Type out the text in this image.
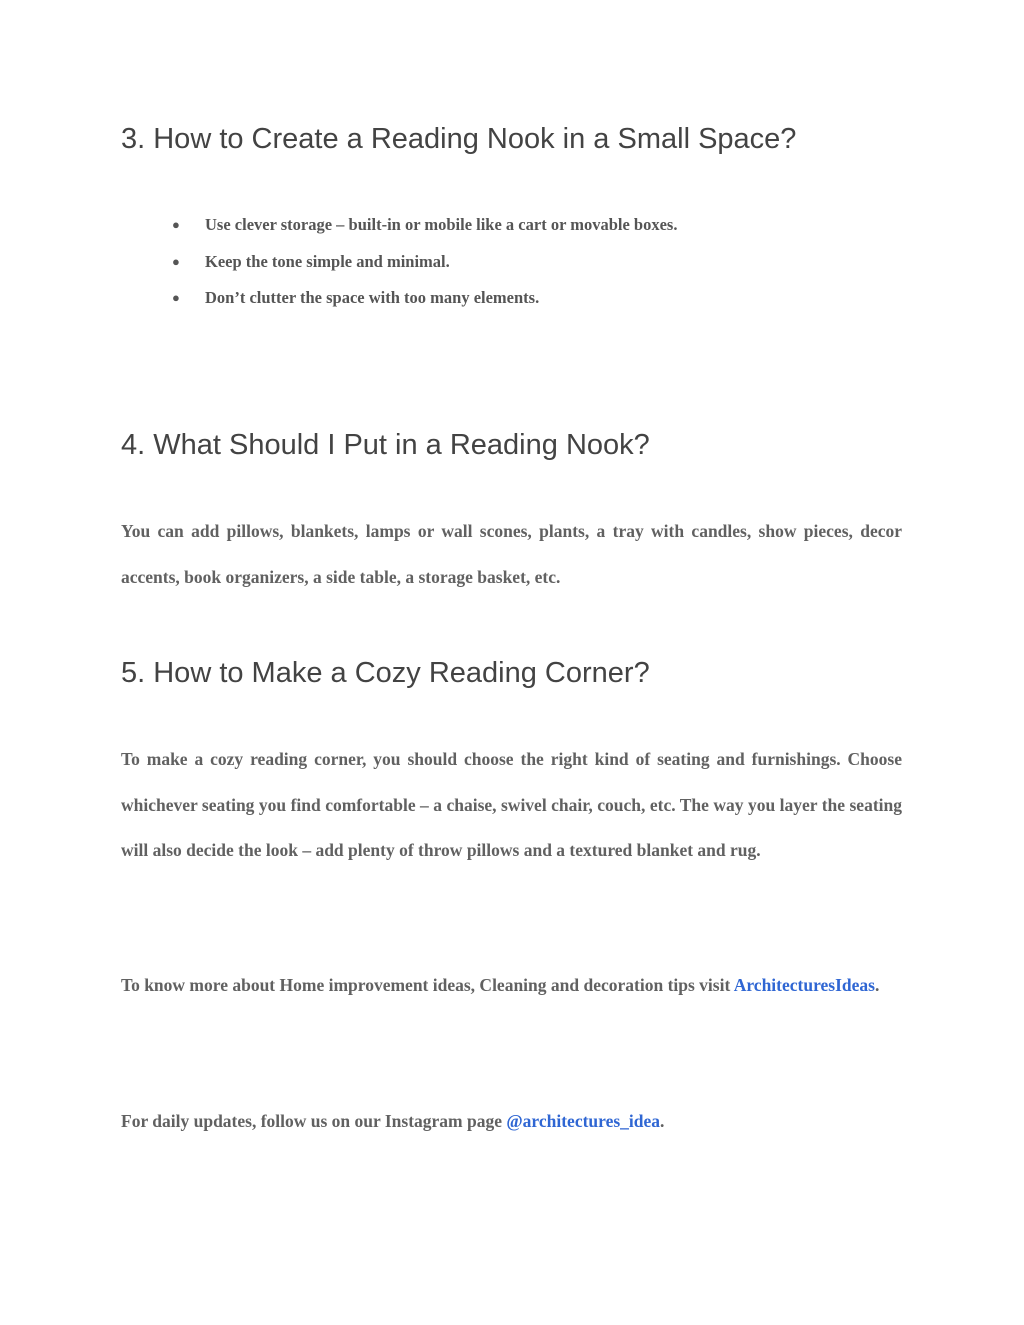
3. How to Create a Reading Nook in a Small Space?
● Use clever storage – built-in or mobile like a cart or movable boxes.
● Keep the tone simple and minimal.
● Don’t clutter the space with too many elements.
4. What Should I Put in a Reading Nook?

You can add pillows, blankets, lamps or wall scones, plants, a tray with candles, show pieces, decor accents, book organizers, a side table, a storage basket, etc.

5. How to Make a Cozy Reading Corner?

To make a cozy reading corner, you should choose the right kind of seating and furnishings. Choose whichever seating you find comfortable – a chaise, swivel chair, couch, etc. The way you layer the seating will also decide the look – add plenty of throw pillows and a textured blanket and rug.

To know more about Home improvement ideas, Cleaning and decoration tips visit ArchitecturesIdeas.

For daily updates, follow us on our Instagram page @architectures_idea.
